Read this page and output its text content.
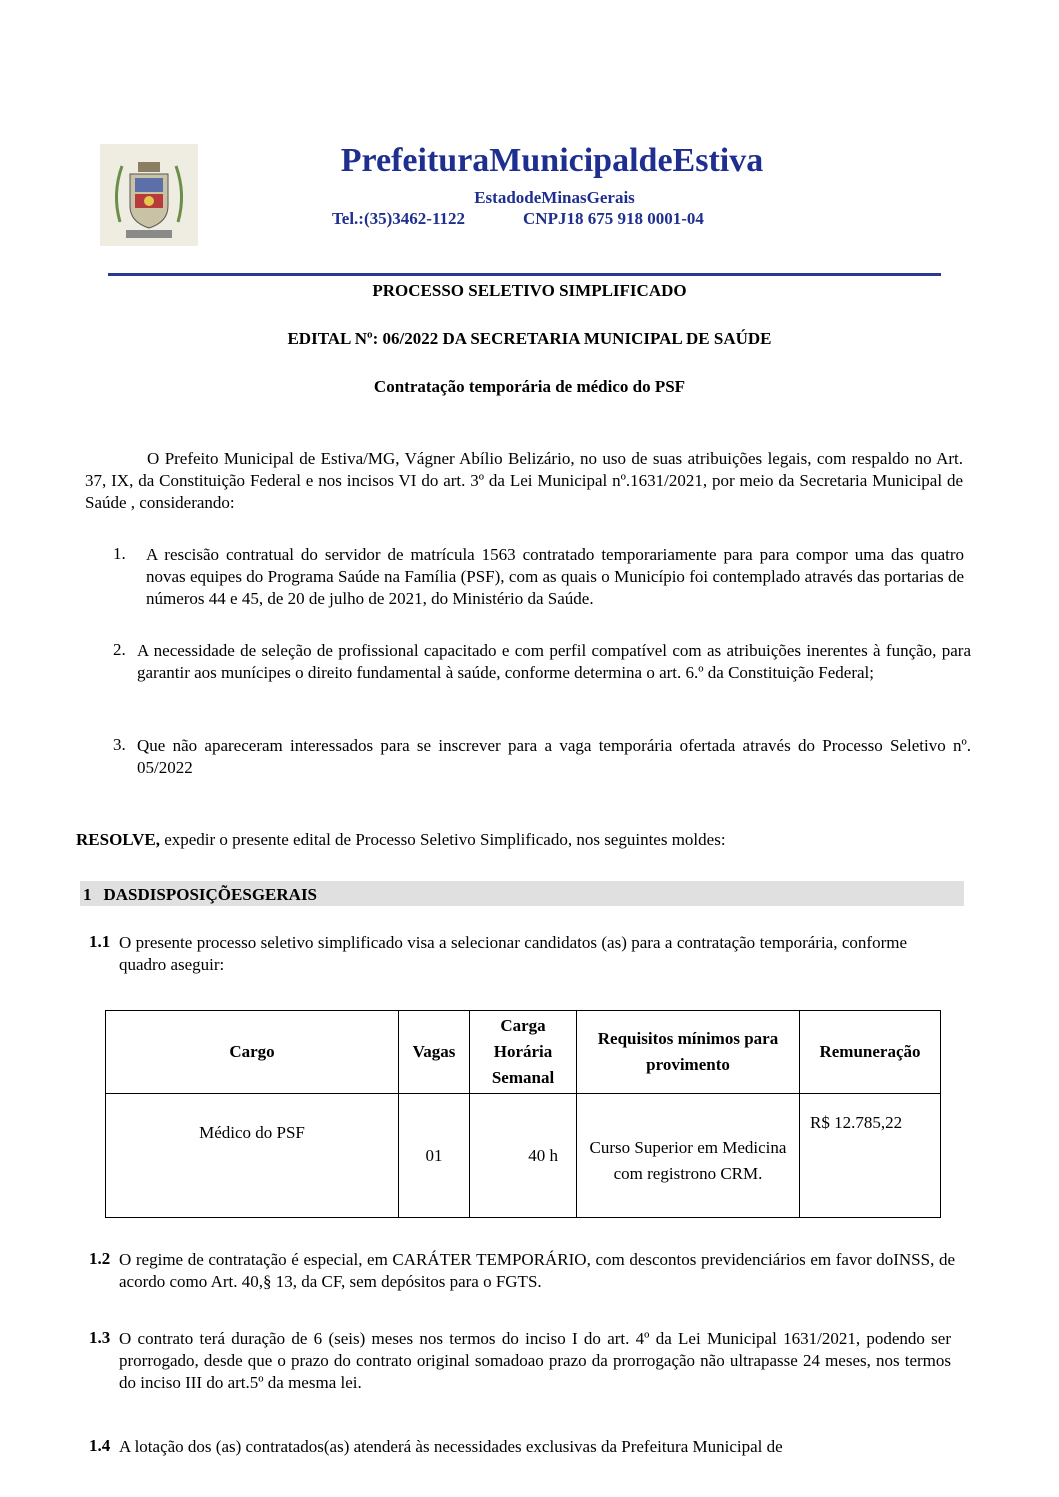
PrefeituraMunicipaldeEstiva
EstadodeMinasGerais
Tel.:(35)3462-1122	CNPJ18 675 918 0001-04
PROCESSO SELETIVO SIMPLIFICADO
EDITAL Nº: 06/2022 DA SECRETARIA MUNICIPAL DE SAÚDE
Contratação temporária de médico do PSF
O Prefeito Municipal de Estiva/MG, Vágner Abílio Belizário, no uso de suas atribuições legais, com respaldo no Art. 37, IX, da Constituição Federal e nos incisos VI do art. 3º da Lei Municipal nº.1631/2021, por meio da Secretaria Municipal de Saúde , considerando:
1. A rescisão contratual do servidor de matrícula 1563 contratado temporariamente para para compor uma das quatro novas equipes do Programa Saúde na Família (PSF), com as quais o Município foi contemplado através das portarias de números 44 e 45, de 20 de julho de 2021, do Ministério da Saúde.
2. A necessidade de seleção de profissional capacitado e com perfil compatível com as atribuições inerentes à função, para garantir aos munícipes o direito fundamental à saúde, conforme determina o art. 6.º da Constituição Federal;
3. Que não apareceram interessados para se inscrever para a vaga temporária ofertada através do Processo Seletivo nº. 05/2022
RESOLVE, expedir o presente edital de Processo Seletivo Simplificado, nos seguintes moldes:
1 DASDISPOSIÇÕESGERAIS
1.1 O presente processo seletivo simplificado visa a selecionar candidatos (as) para a contratação temporária, conforme quadro aseguir:
Cargo	Vagas	Carga Horária Semanal	Requisitos mínimos para provimento	Remuneração
Médico do PSF	01	40 h	Curso Superior em Medicina com registrono CRM.	R$ 12.785,22
1.2 O regime de contratação é especial, em CARÁTER TEMPORÁRIO, com descontos previdenciários em favor doINSS, de acordo como Art. 40,§ 13, da CF, sem depósitos para o FGTS.
1.3 O contrato terá duração de 6 (seis) meses nos termos do inciso I do art. 4º da Lei Municipal 1631/2021, podendo ser prorrogado, desde que o prazo do contrato original somadoao prazo da prorrogação não ultrapasse 24 meses, nos termos do inciso III do art.5º da mesma lei.
1.4 A lotação dos (as) contratados(as) atenderá às necessidades exclusivas da Prefeitura Municipal de
